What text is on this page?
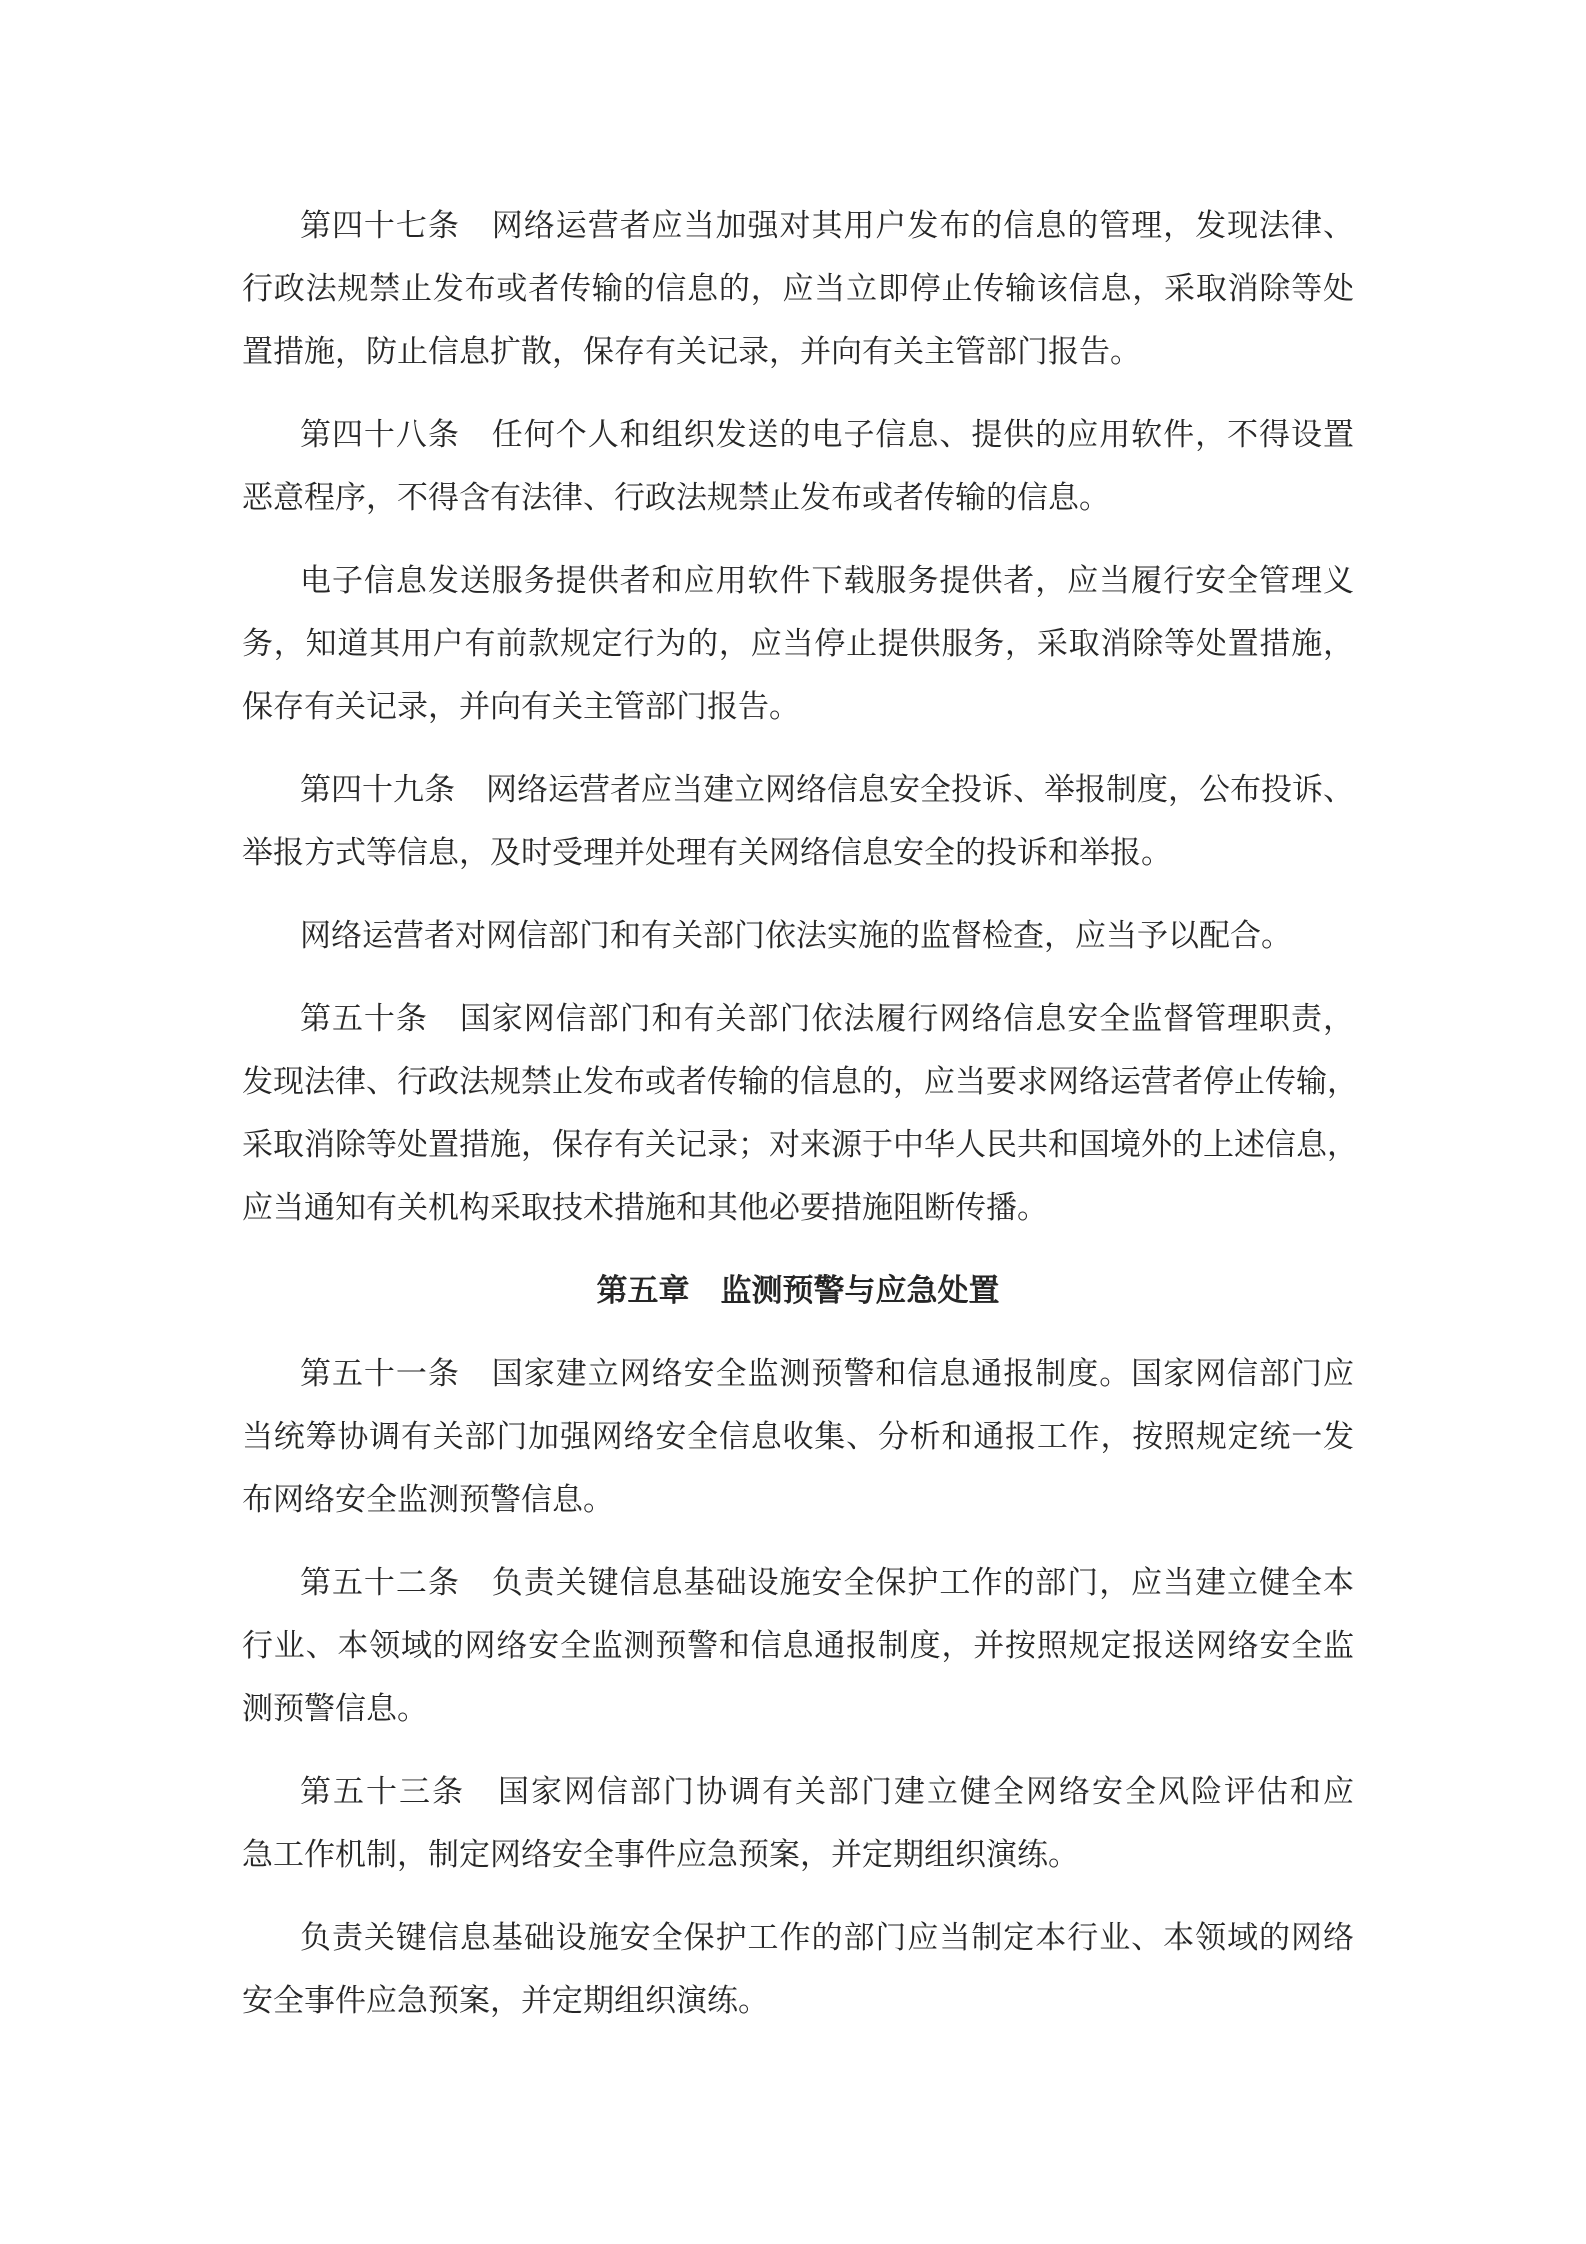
第四十七条　网络运营者应当加强对其用户发布的信息的管理，发现法律、
行政法规禁止发布或者传输的信息的，应当立即停止传输该信息，采取消除等处
置措施，防止信息扩散，保存有关记录，并向有关主管部门报告。
第四十八条　任何个人和组织发送的电子信息、提供的应用软件，不得设置
恶意程序，不得含有法律、行政法规禁止发布或者传输的信息。
电子信息发送服务提供者和应用软件下载服务提供者，应当履行安全管理义
务，知道其用户有前款规定行为的，应当停止提供服务，采取消除等处置措施，
保存有关记录，并向有关主管部门报告。
第四十九条　网络运营者应当建立网络信息安全投诉、举报制度，公布投诉、
举报方式等信息，及时受理并处理有关网络信息安全的投诉和举报。
网络运营者对网信部门和有关部门依法实施的监督检查，应当予以配合。
第五十条　国家网信部门和有关部门依法履行网络信息安全监督管理职责，
发现法律、行政法规禁止发布或者传输的信息的，应当要求网络运营者停止传输，
采取消除等处置措施，保存有关记录；对来源于中华人民共和国境外的上述信息，
应当通知有关机构采取技术措施和其他必要措施阻断传播。
第五章　监测预警与应急处置
第五十一条　国家建立网络安全监测预警和信息通报制度。国家网信部门应
当统筹协调有关部门加强网络安全信息收集、分析和通报工作，按照规定统一发
布网络安全监测预警信息。
第五十二条　负责关键信息基础设施安全保护工作的部门，应当建立健全本
行业、本领域的网络安全监测预警和信息通报制度，并按照规定报送网络安全监
测预警信息。
第五十三条　国家网信部门协调有关部门建立健全网络安全风险评估和应
急工作机制，制定网络安全事件应急预案，并定期组织演练。
负责关键信息基础设施安全保护工作的部门应当制定本行业、本领域的网络
安全事件应急预案，并定期组织演练。
